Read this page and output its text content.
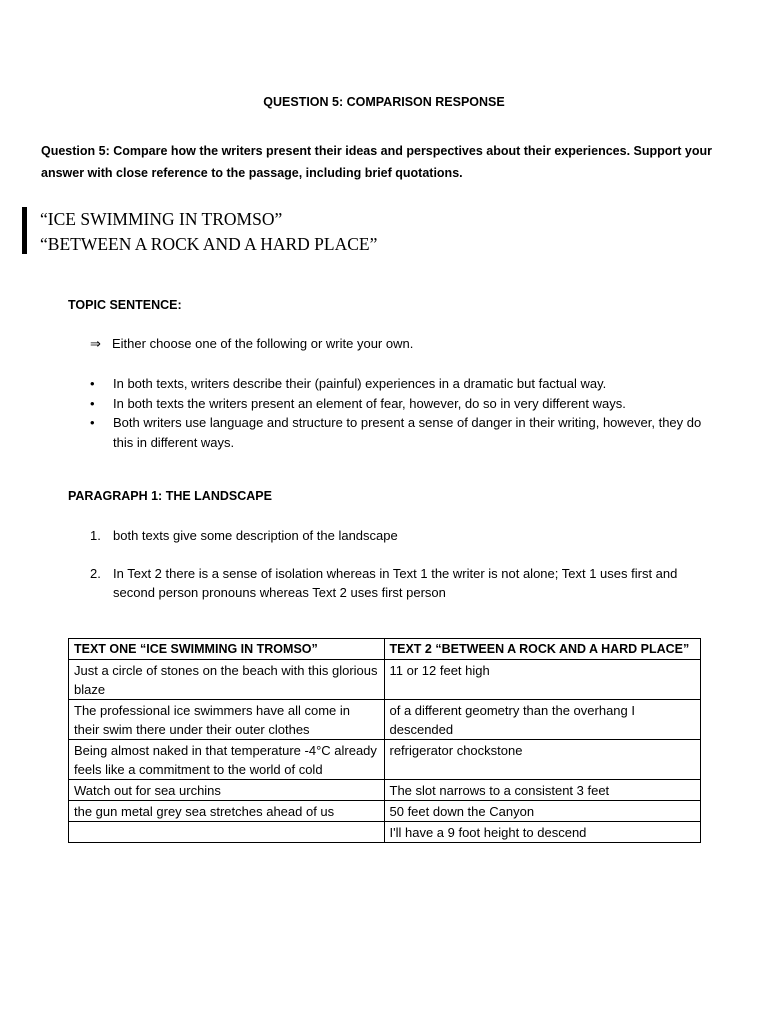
QUESTION 5: COMPARISON RESPONSE
Question 5: Compare how the writers present their ideas and perspectives about their experiences. Support your answer with close reference to the passage, including brief quotations.
“ICE SWIMMING IN TROMSO”
“BETWEEN A ROCK AND A HARD PLACE”
TOPIC SENTENCE:
⇒ Either choose one of the following or write your own.
• In both texts, writers describe their (painful) experiences in a dramatic but factual way.
• In both texts the writers present an element of fear, however, do so in very different ways.
• Both writers use language and structure to present a sense of danger in their writing, however, they do this in different ways.
PARAGRAPH 1: THE LANDSCAPE
1. both texts give some description of the landscape
2. In Text 2 there is a sense of isolation whereas in Text 1 the writer is not alone; Text 1 uses first and second person pronouns whereas Text 2 uses first person
TEXT ONE “ICE SWIMMING IN TROMSO”	TEXT 2 “BETWEEN A ROCK AND A HARD PLACE”
Just a circle of stones on the beach with this glorious blaze	11 or 12 feet high
The professional ice swimmers have all come in their swim there under their outer clothes	of a different geometry than the overhang I descended
Being almost naked in that temperature -4°C already feels like a commitment to the world of cold	refrigerator chockstone
Watch out for sea urchins	The slot narrows to a consistent 3 feet
the gun metal grey sea stretches ahead of us	50 feet down the Canyon
	I'll have a 9 foot height to descend
